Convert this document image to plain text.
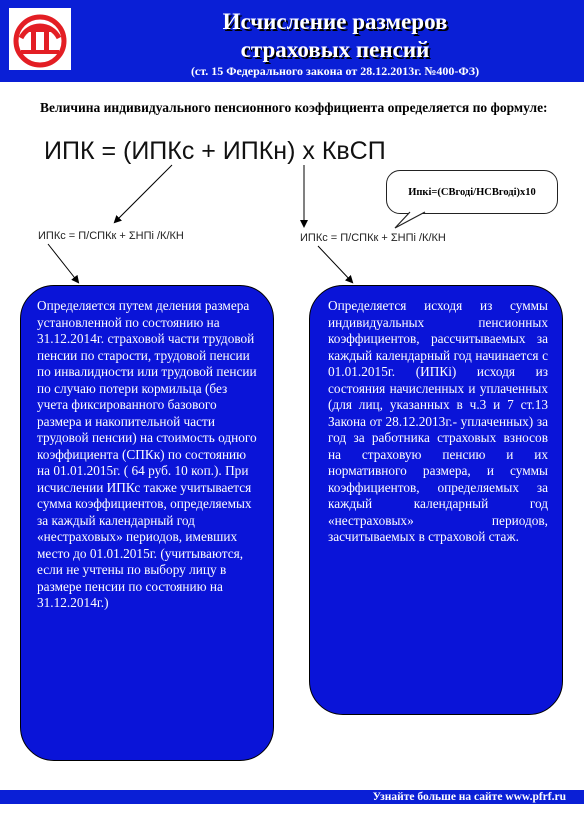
Исчисление размеров
страховых пенсий
(ст. 15 Федерального закона от 28.12.2013г. №400-ФЗ)
Величина индивидуального пенсионного коэффициента определяется по формуле:
ИПК = (ИПКс + ИПКн) х КвСП
Ипкi=(СВгодi/НСВгодi)х10
ИПКс = П/СПКк + ΣНПi /К/КН	ИПКс = П/СПКк + ΣНПi /К/КН
Определяется путем деления размера установленной по состоянию на 31.12.2014г. страховой части трудовой пенсии по старости, трудовой пенсии по инвалидности или трудовой пенсии по случаю потери кормильца (без учета фиксированного базового размера и накопительной части трудовой пенсии) на стоимость одного коэффициента (СПКк) по состоянию на 01.01.2015г. ( 64 руб. 10 коп.). При исчислении ИПКс также учитывается сумма коэффициентов, определяемых за каждый календарный год «нестраховых» периодов, имевших место до 01.01.2015г. (учитываются, если не учтены по выбору лицу в размере пенсии по состоянию на 31.12.2014г.)
Определяется исходя из суммы индивидуальных пенсионных коэффициентов, рассчитываемых за каждый календарный год начинается с 01.01.2015г. (ИПКi) исходя из состояния начисленных и уплаченных (для лиц, указанных в ч.3 и 7 ст.13 Закона от 28.12.2013г.- уплаченных) за год за работника страховых взносов на страховую пенсию и их нормативного размера, и суммы коэффициентов, определяемых за каждый календарный год «нестраховых» периодов, засчитываемых в страховой стаж.
Узнайте больше на сайте www.pfrf.ru
